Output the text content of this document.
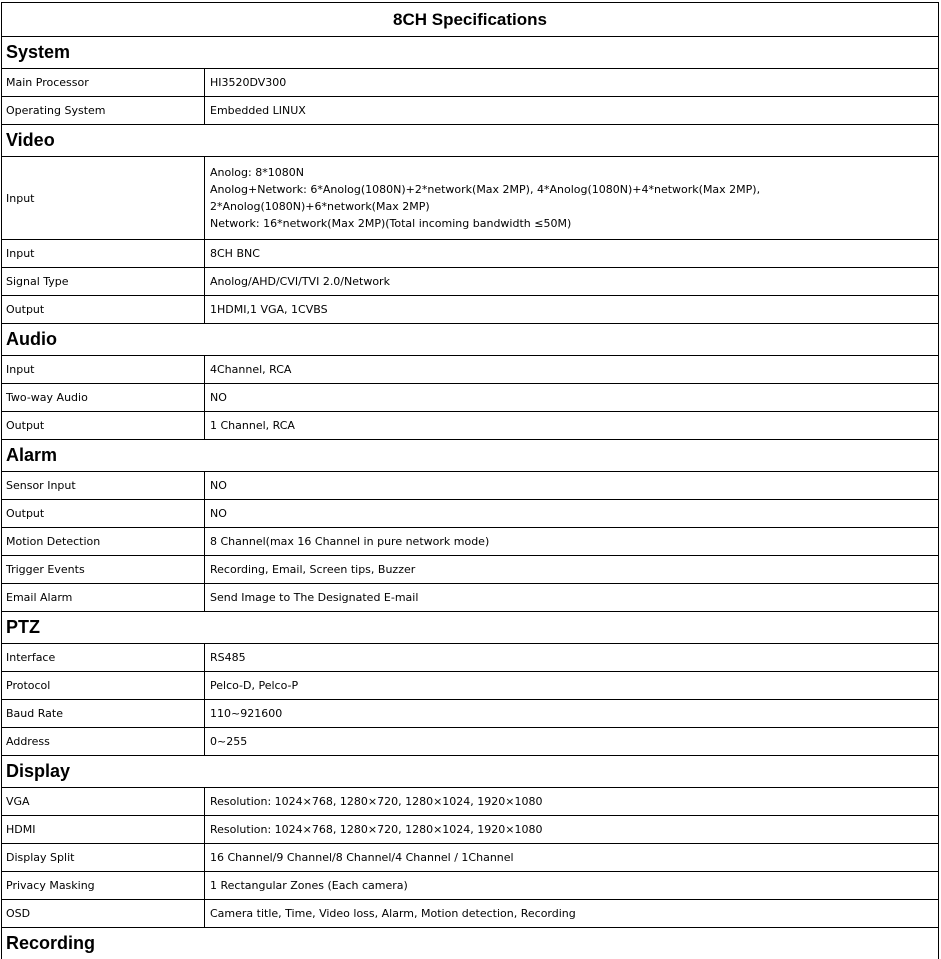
8CH Specifications	
System	
Main Processor	HI3520DV300

Operating System	Embedded LINUX

Video	
Input	Anolog: 8*1080N
Anolog+Network: 6*Anolog(1080N)+2*network(Max 2MP), 4*Anolog(1080N)+4*network(Max 2MP),
2*Anolog(1080N)+6*network(Max 2MP)
Network: 16*network(Max 2MP)(Total incoming bandwidth ≤50M)

Input	8CH BNC

Signal Type	Anolog/AHD/CVI/TVI 2.0/Network

Output	1HDMI,1 VGA, 1CVBS

Audio	
Input	4Channel, RCA

Two-way Audio	NO

Output	1 Channel, RCA

Alarm	
Sensor Input	NO

Output	NO

Motion Detection	8 Channel(max 16 Channel in pure network mode)

Trigger Events	Recording, Email, Screen tips, Buzzer

Email Alarm	Send Image to The Designated E-mail

PTZ	
Interface	RS485

Protocol	Pelco-D, Pelco-P

Baud Rate	110~921600

Address	0~255

Display	
VGA	Resolution: 1024×768, 1280×720, 1280×1024, 1920×1080

HDMI	Resolution: 1024×768, 1280×720, 1280×1024, 1920×1080

Display Split	16 Channel/9 Channel/8 Channel/4 Channel / 1Channel

Privacy Masking	1 Rectangular Zones (Each camera)

OSD	Camera title, Time, Video loss, Alarm, Motion detection, Recording

Recording	
